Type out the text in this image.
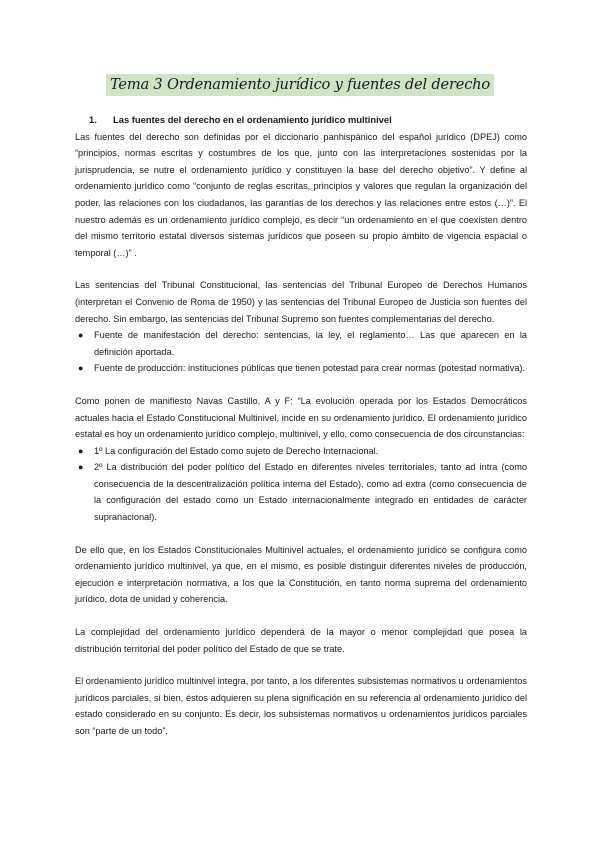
Tema 3 Ordenamiento jurídico y fuentes del derecho

1. Las fuentes del derecho en el ordenamiento jurídico multinivel

Las fuentes del derecho son definidas por el diccionario panhispánico del español jurídico (DPEJ) como “principios, normas escritas y costumbres de los que, junto con las interpretaciones sostenidas por la jurisprudencia, se nutre el ordenamiento jurídico y constituyen la base del derecho objetivo”. Y define al ordenamiento jurídico como “conjunto de reglas escritas, principios y valores que regulan la organización del poder, las relaciones con los ciudadanos, las garantías de los derechos y las relaciones entre estos (…)”. El nuestro además es un ordenamiento jurídico complejo, es decir “un ordenamiento en el que coexisten dentro del mismo territorio estatal diversos sistemas jurídicos que poseen su propio ámbito de vigencia espacial o temporal (…)” .

Las sentencias del Tribunal Constitucional, las sentencias del Tribunal Europeo de Derechos Humanos (interpretan el Convenio de Roma de 1950) y las sentencias del Tribunal Europeo de Justicia son fuentes del derecho. Sin embargo, las sentencias del Tribunal Supremo son fuentes complementarias del derecho.

● Fuente de manifestación del derecho: sentencias, la ley, el reglamento… Las que aparecen en la definición aportada.
● Fuente de producción: instituciones públicas que tienen potestad para crear normas (potestad normativa).

Como ponen de manifiesto Navas Castillo, A y F: “La evolución operada por los Estados Democráticos actuales hacia el Estado Constitucional Multinivel, incide en su ordenamiento jurídico. El ordenamiento jurídico estatal es hoy un ordenamiento jurídico complejo, multinivel, y ello, como consecuencia de dos circunstancias:

● 1º La configuración del Estado como sujeto de Derecho Internacional.
● 2º La distribución del poder político del Estado en diferentes niveles territoriales, tanto ad intra (como consecuencia de la descentralización política interna del Estado), como ad extra (como consecuencia de la configuración del estado como un Estado internacionalmente integrado en entidades de carácter supranacional).

De ello que, en los Estados Constitucionales Multinivel actuales, el ordenamiento jurídico se configura como ordenamiento jurídico multinivel, ya que, en el mismo, es posible distinguir diferentes niveles de producción, ejecución e interpretación normativa, a los que la Constitución, en tanto norma suprema del ordenamiento jurídico, dota de unidad y coherencia.

La complejidad del ordenamiento jurídico dependerá de la mayor o menor complejidad que posea la distribución territorial del poder político del Estado de que se trate.

El ordenamiento jurídico multinivel integra, por tanto, a los diferentes subsistemas normativos u ordenamientos jurídicos parciales, si bien, éstos adquieren su plena significación en su referencia al ordenamiento jurídico del estado considerado en su conjunto. Es decir, los subsistemas normativos u ordenamientos jurídicos parciales son “parte de un todo”.
